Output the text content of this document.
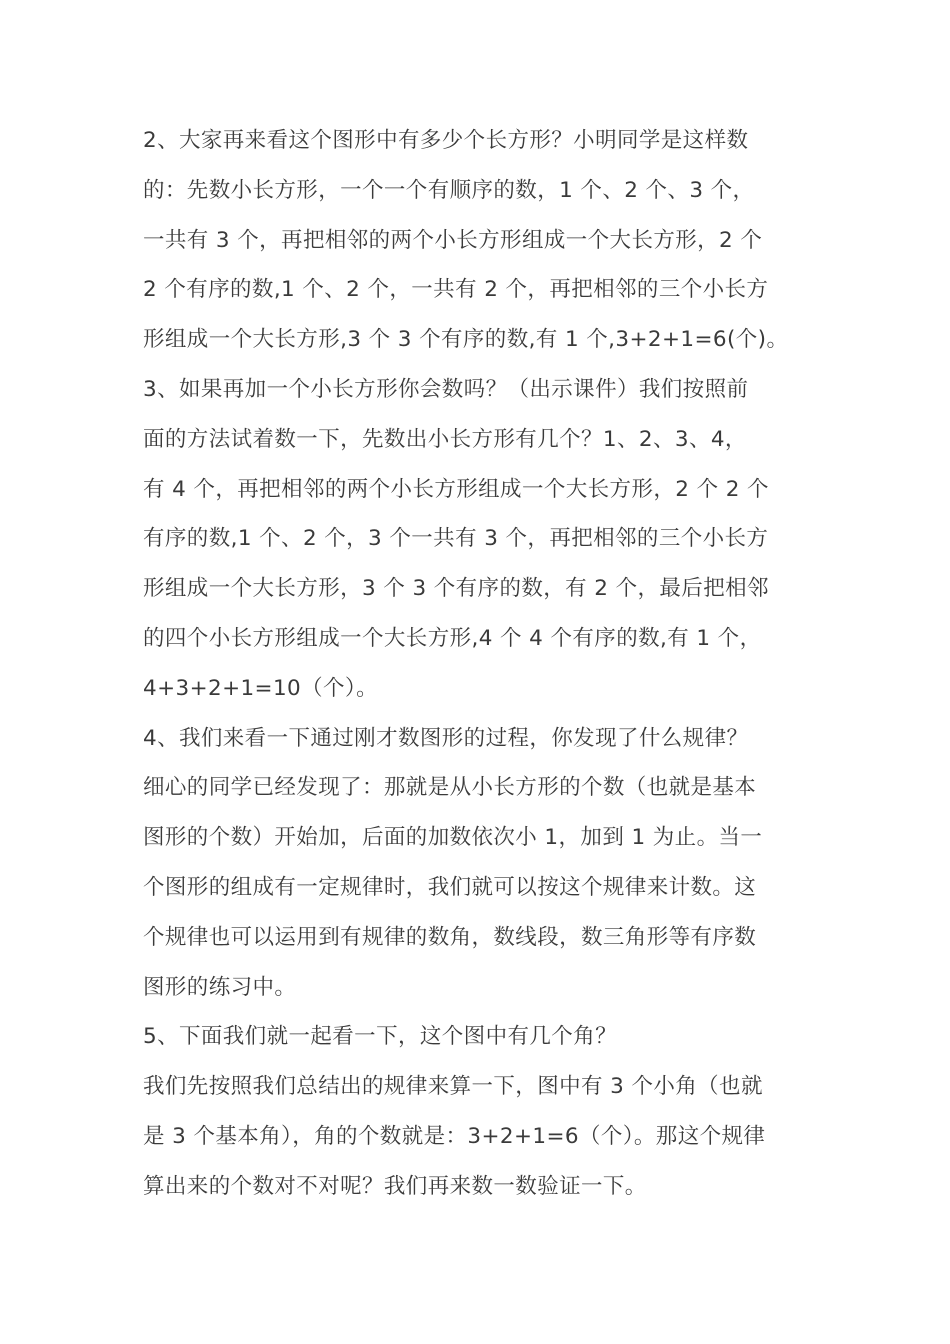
2、大家再来看这个图形中有多少个长方形？小明同学是这样数
的：先数小长方形，一个一个有顺序的数，1 个、2 个、3 个，
一共有 3 个，再把相邻的两个小长方形组成一个大长方形，2 个
2 个有序的数,1 个、2 个，一共有 2 个，再把相邻的三个小长方
形组成一个大长方形,3 个 3 个有序的数,有 1 个,3+2+1=6(个)。
3、如果再加一个小长方形你会数吗？（出示课件）我们按照前
面的方法试着数一下，先数出小长方形有几个？1、2、3、4，
有 4 个，再把相邻的两个小长方形组成一个大长方形，2 个 2 个
有序的数,1 个、2 个，3 个一共有 3 个，再把相邻的三个小长方
形组成一个大长方形，3 个 3 个有序的数，有 2 个，最后把相邻
的四个小长方形组成一个大长方形,4 个 4 个有序的数,有 1 个，
4+3+2+1=10（个）。
4、我们来看一下通过刚才数图形的过程，你发现了什么规律？
细心的同学已经发现了：那就是从小长方形的个数（也就是基本
图形的个数）开始加，后面的加数依次小 1，加到 1 为止。当一
个图形的组成有一定规律时，我们就可以按这个规律来计数。这
个规律也可以运用到有规律的数角，数线段，数三角形等有序数
图形的练习中。
5、下面我们就一起看一下，这个图中有几个角？
我们先按照我们总结出的规律来算一下，图中有 3 个小角（也就
是 3 个基本角），角的个数就是：3+2+1=6（个）。那这个规律
算出来的个数对不对呢？我们再来数一数验证一下。
